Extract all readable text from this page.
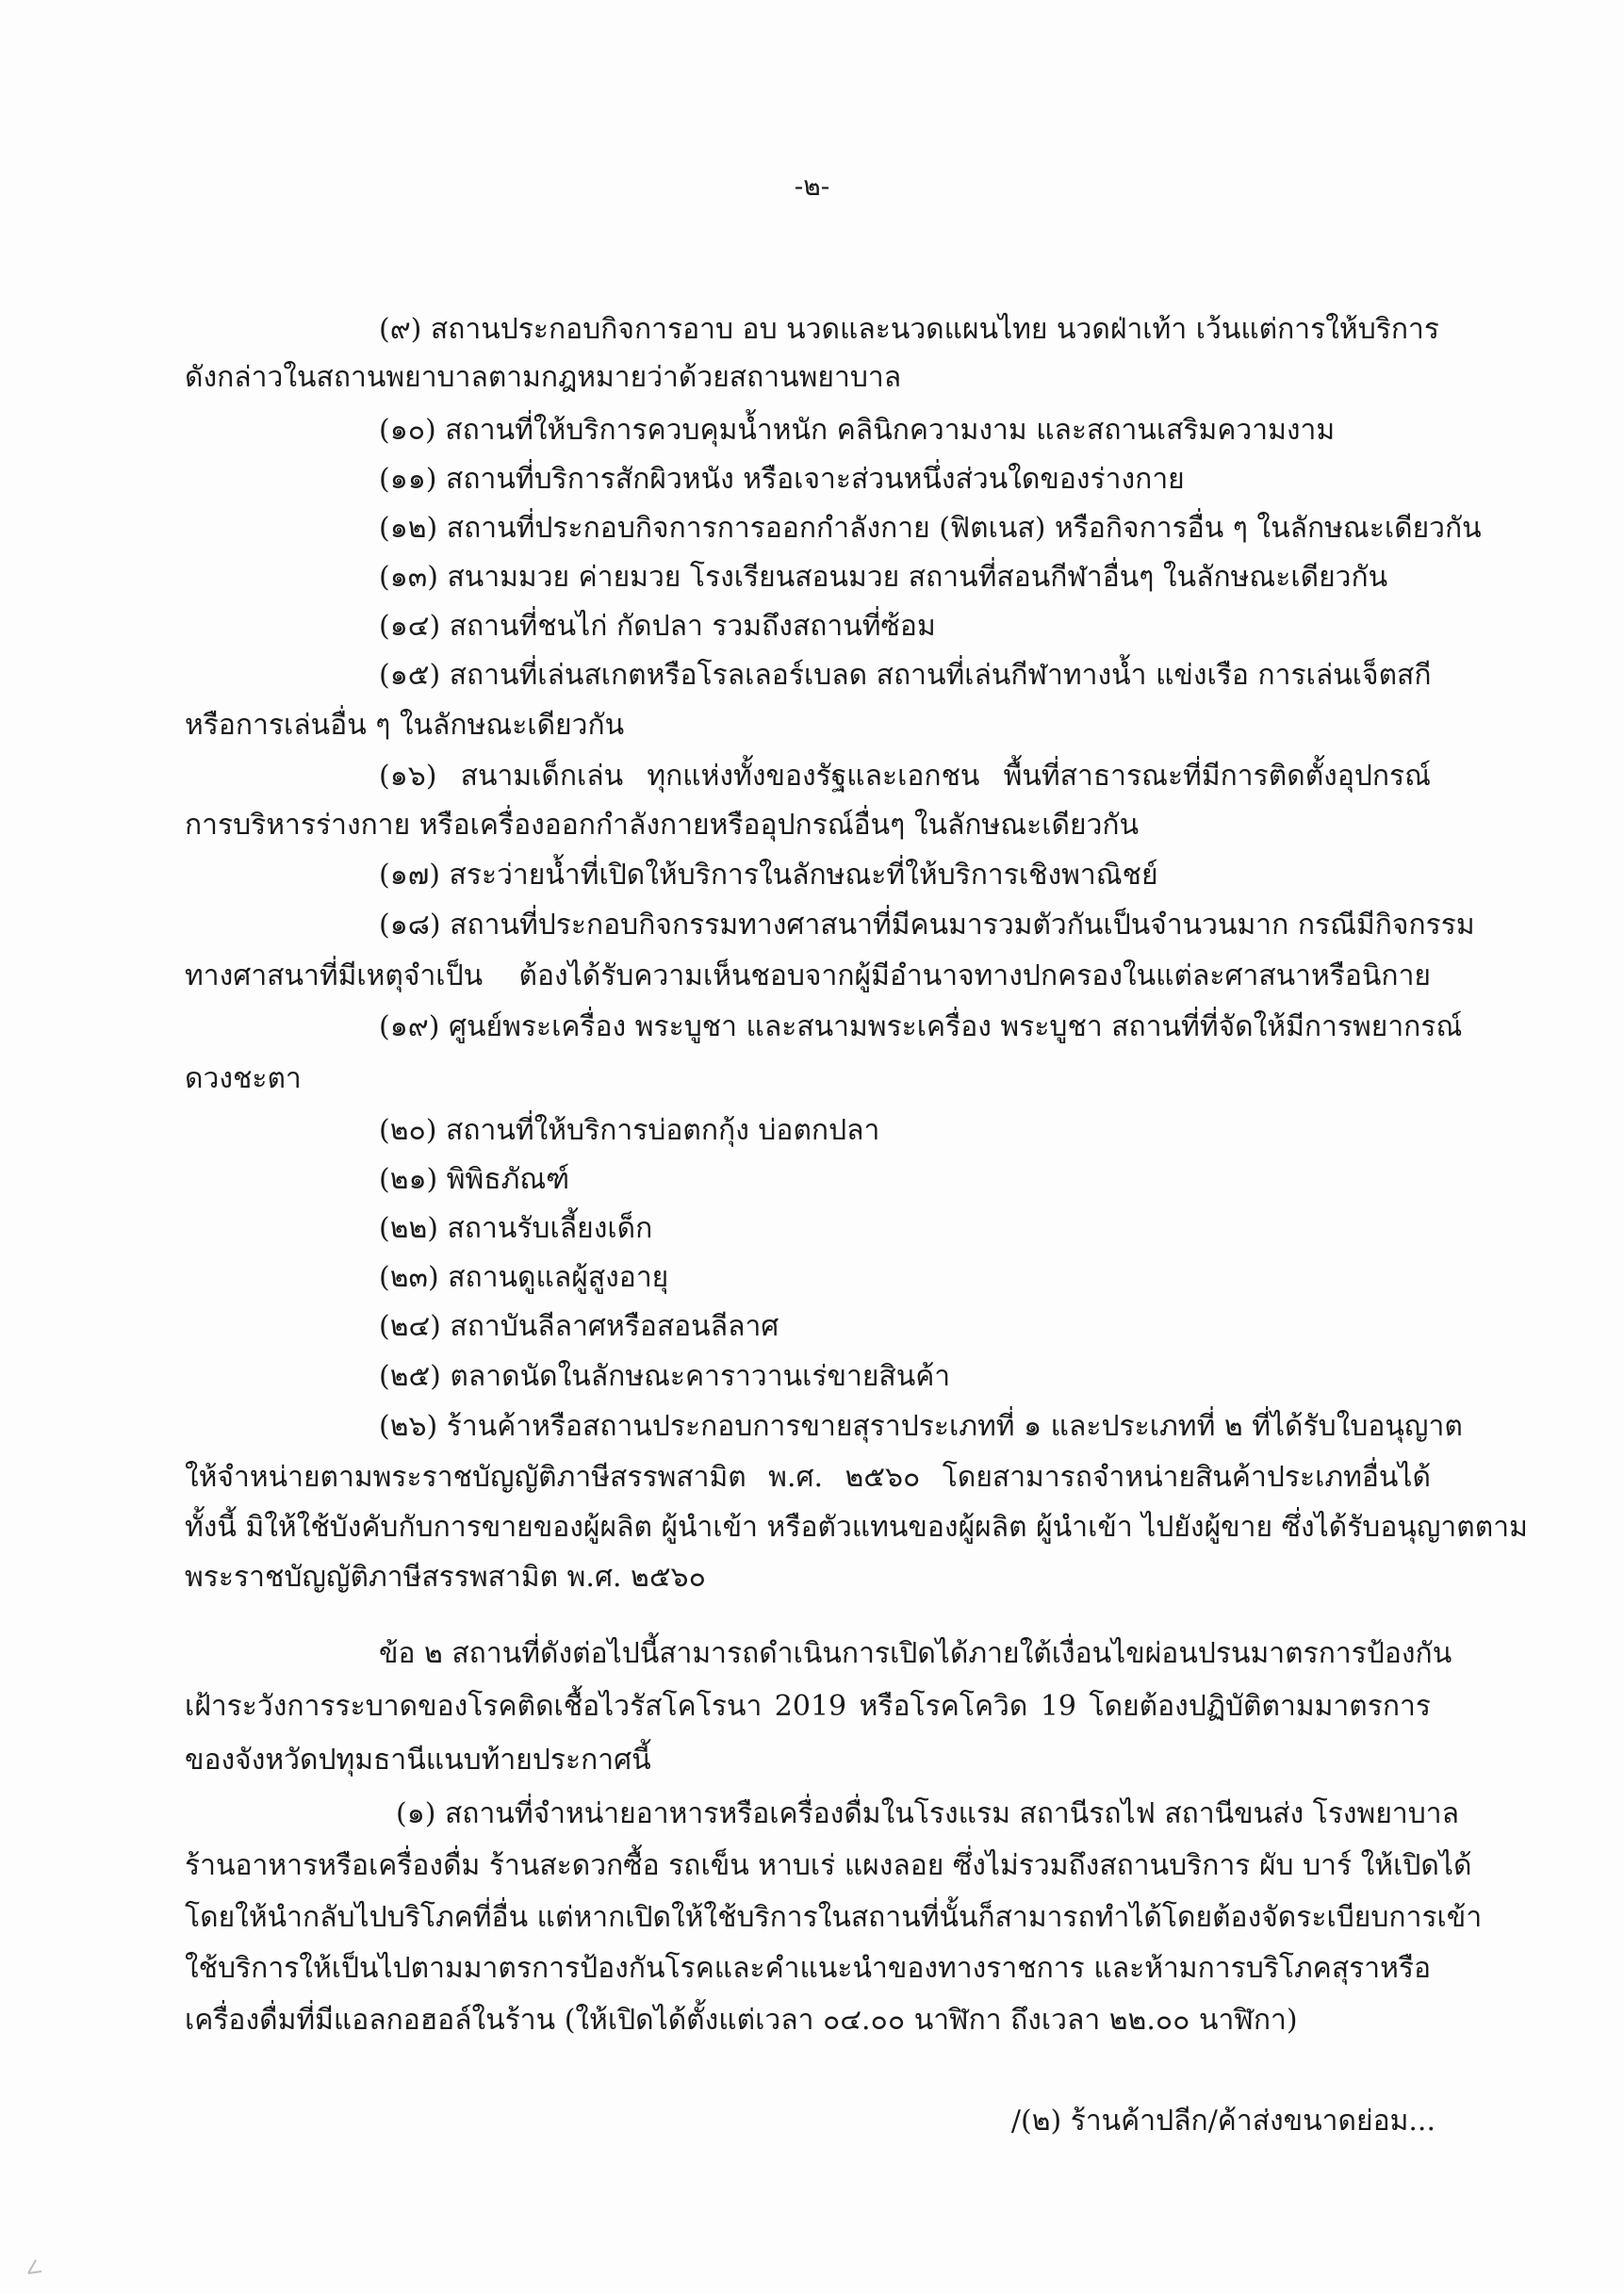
-๒-
(๙) สถานประกอบกิจการอาบ อบ นวดและนวดแผนไทย นวดฝ่าเท้า เว้นแต่การให้บริการ
ดังกล่าวในสถานพยาบาลตามกฎหมายว่าด้วยสถานพยาบาล
(๑๐) สถานที่ให้บริการควบคุมน้ำหนัก คลินิกความงาม และสถานเสริมความงาม
(๑๑) สถานที่บริการสักผิวหนัง หรือเจาะส่วนหนึ่งส่วนใดของร่างกาย
(๑๒) สถานที่ประกอบกิจการการออกกำลังกาย (ฟิตเนส) หรือกิจการอื่น ๆ ในลักษณะเดียวกัน
(๑๓) สนามมวย ค่ายมวย โรงเรียนสอนมวย สถานที่สอนกีฬาอื่นๆ ในลักษณะเดียวกัน
(๑๔) สถานที่ชนไก่ กัดปลา รวมถึงสถานที่ซ้อม
(๑๕) สถานที่เล่นสเกตหรือโรลเลอร์เบลด สถานที่เล่นกีฬาทางน้ำ แข่งเรือ การเล่นเจ็ตสกี
หรือการเล่นอื่น ๆ ในลักษณะเดียวกัน
(๑๖) สนามเด็กเล่น ทุกแห่งทั้งของรัฐและเอกชน พื้นที่สาธารณะที่มีการติดตั้งอุปกรณ์
การบริหารร่างกาย หรือเครื่องออกกำลังกายหรืออุปกรณ์อื่นๆ ในลักษณะเดียวกัน
(๑๗) สระว่ายน้ำที่เปิดให้บริการในลักษณะที่ให้บริการเชิงพาณิชย์
(๑๘) สถานที่ประกอบกิจกรรมทางศาสนาที่มีคนมารวมตัวกันเป็นจำนวนมาก กรณีมีกิจกรรม
ทางศาสนาที่มีเหตุจำเป็น ต้องได้รับความเห็นชอบจากผู้มีอำนาจทางปกครองในแต่ละศาสนาหรือนิกาย
(๑๙) ศูนย์พระเครื่อง พระบูชา และสนามพระเครื่อง พระบูชา สถานที่ที่จัดให้มีการพยากรณ์
ดวงชะตา
(๒๐) สถานที่ให้บริการบ่อตกกุ้ง บ่อตกปลา
(๒๑) พิพิธภัณฑ์
(๒๒) สถานรับเลี้ยงเด็ก
(๒๓) สถานดูแลผู้สูงอายุ
(๒๔) สถาบันลีลาศหรือสอนลีลาศ
(๒๕) ตลาดนัดในลักษณะคาราวานเร่ขายสินค้า
(๒๖) ร้านค้าหรือสถานประกอบการขายสุราประเภทที่ ๑ และประเภทที่ ๒ ที่ได้รับใบอนุญาต
ให้จำหน่ายตามพระราชบัญญัติภาษีสรรพสามิต พ.ศ. ๒๕๖๐ โดยสามารถจำหน่ายสินค้าประเภทอื่นได้
ทั้งนี้ มิให้ใช้บังคับกับการขายของผู้ผลิต ผู้นำเข้า หรือตัวแทนของผู้ผลิต ผู้นำเข้า ไปยังผู้ขาย ซึ่งได้รับอนุญาตตาม
พระราชบัญญัติภาษีสรรพสามิต พ.ศ. ๒๕๖๐
ข้อ ๒ สถานที่ดังต่อไปนี้สามารถดำเนินการเปิดได้ภายใต้เงื่อนไขผ่อนปรนมาตรการป้องกัน
เฝ้าระวังการระบาดของโรคติดเชื้อไวรัสโคโรนา 2019 หรือโรคโควิด 19 โดยต้องปฏิบัติตามมาตรการ
ของจังหวัดปทุมธานีแนบท้ายประกาศนี้
(๑) สถานที่จำหน่ายอาหารหรือเครื่องดื่มในโรงแรม สถานีรถไฟ สถานีขนส่ง โรงพยาบาล
ร้านอาหารหรือเครื่องดื่ม ร้านสะดวกซื้อ รถเข็น หาบเร่ แผงลอย ซึ่งไม่รวมถึงสถานบริการ ผับ บาร์ ให้เปิดได้
โดยให้นำกลับไปบริโภคที่อื่น แต่หากเปิดให้ใช้บริการในสถานที่นั้นก็สามารถทำได้โดยต้องจัดระเบียบการเข้า
ใช้บริการให้เป็นไปตามมาตรการป้องกันโรคและคำแนะนำของทางราชการ และห้ามการบริโภคสุราหรือ
เครื่องดื่มที่มีแอลกอฮอล์ในร้าน (ให้เปิดได้ตั้งแต่เวลา ๐๔.๐๐ นาฬิกา ถึงเวลา ๒๒.๐๐ นาฬิกา)
/(๒) ร้านค้าปลีก/ค้าส่งขนาดย่อม...
